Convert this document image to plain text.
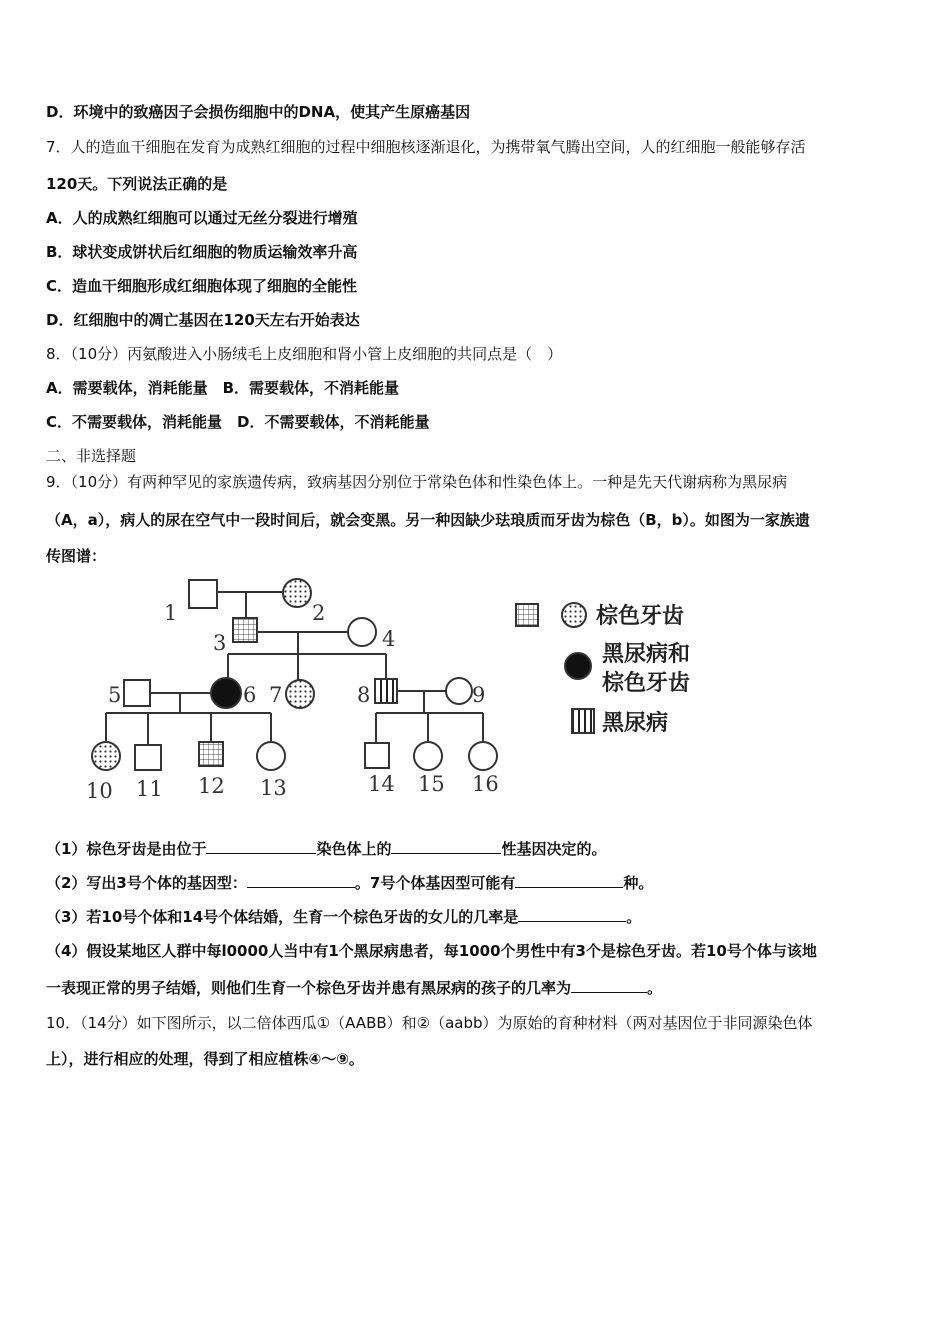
D．环境中的致癌因子会损伤细胞中的DNA，使其产生原癌基因
7．人的造血干细胞在发育为成熟红细胞的过程中细胞核逐渐退化，为携带氧气腾出空间，人的红细胞一般能够存活
120天。下列说法正确的是
A．人的成熟红细胞可以通过无丝分裂进行增殖
B．球状变成饼状后红细胞的物质运输效率升高
C．造血干细胞形成红细胞体现了细胞的全能性
D．红细胞中的凋亡基因在120天左右开始表达
8．（10分）丙氨酸进入小肠绒毛上皮细胞和肾小管上皮细胞的共同点是（　）
A．需要载体，消耗能量　B．需要载体，不消耗能量
C．不需要载体，消耗能量　D．不需要载体，不消耗能量
二、非选择题
9．（10分）有两种罕见的家族遗传病，致病基因分别位于常染色体和性染色体上。一种是先天代谢病称为黑尿病
（A，a），病人的尿在空气中一段时间后，就会变黑。另一种因缺少珐琅质而牙齿为棕色（B，b）。如图为一家族遗
传图谱：
1	2
3	4
5	6 7	8	9
10 11 12 13	14 15 16
棕色牙齿
黑尿病和
棕色牙齿
黑尿病
（1）棕色牙齿是由位于	染色体上的	性基因决定的。
（2）写出3号个体的基因型：	。7号个体基因型可能有	种。
（3）若10号个体和14号个体结婚，生育一个棕色牙齿的女儿的几率是	。
（4）假设某地区人群中每l0000人当中有1个黑尿病患者，每1000个男性中有3个是棕色牙齿。若10号个体与该地
一表现正常的男子结婚，则他们生育一个棕色牙齿并患有黑尿病的孩子的几率为	。
10．（14分）如下图所示，以二倍体西瓜①（AABB）和②（aabb）为原始的育种材料（两对基因位于非同源染色体
上），进行相应的处理，得到了相应植株④～⑨。
